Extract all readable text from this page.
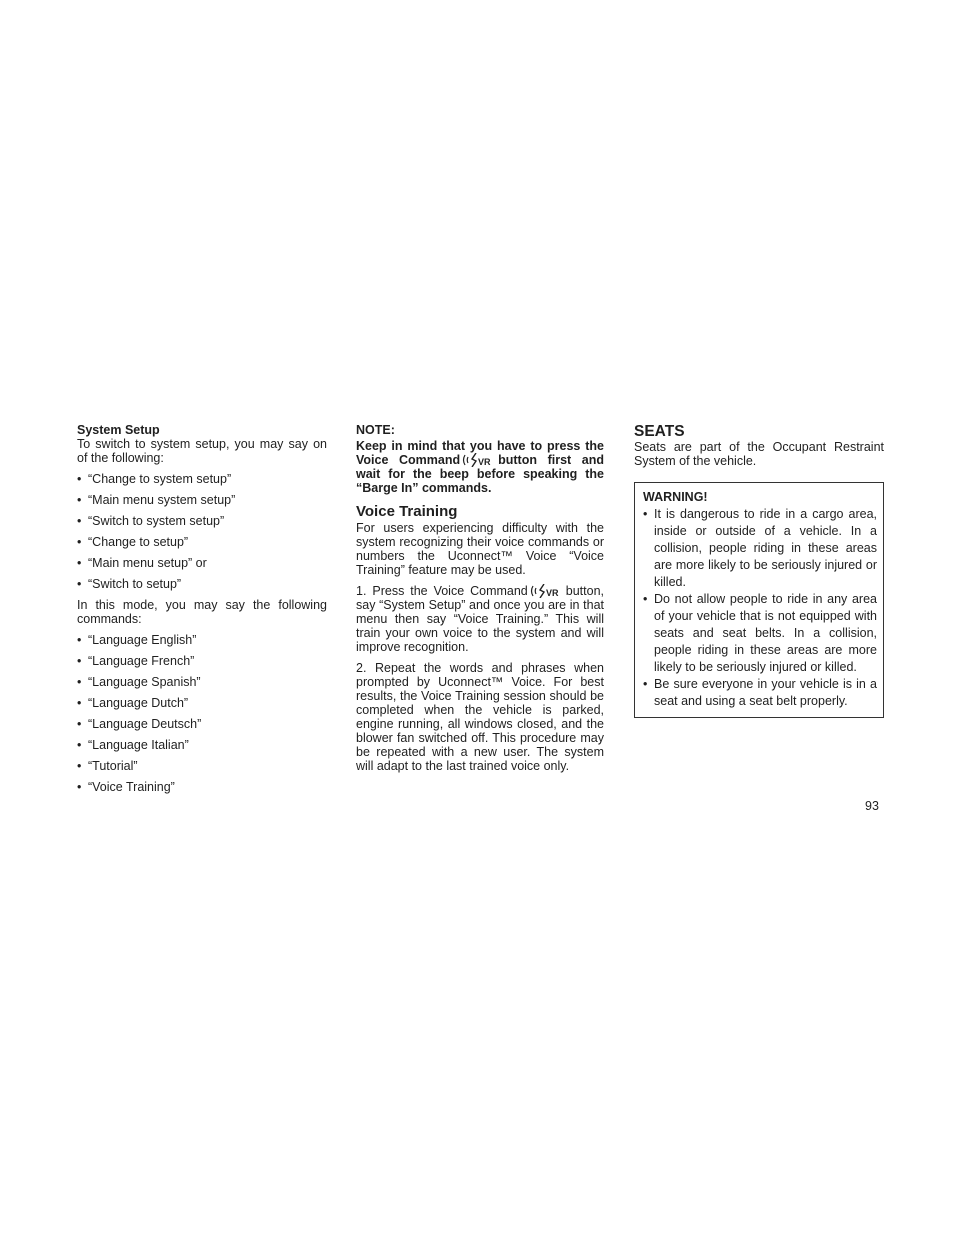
System Setup

To switch to system setup, you may say on of the following:

• “Change to system setup”
• “Main menu system setup”
• “Switch to system setup”
• “Change to setup”
• “Main menu setup” or
• “Switch to setup”

In this mode, you may say the following commands:

• “Language English”
• “Language French”
• “Language Spanish”
• “Language Dutch”
• “Language Deutsch”
• “Language Italian”
• “Tutorial”
• “Voice Training”

NOTE:

Keep in mind that you have to press the Voice Command VR button first and wait for the beep before speaking the “Barge In” commands.

Voice Training

For users experiencing difficulty with the system recognizing their voice commands or numbers the Uconnect™ Voice “Voice Training” feature may be used.

1. Press the Voice Command VR button, say “System Setup” and once you are in that menu then say “Voice Training.” This will train your own voice to the system and will improve recognition.

2. Repeat the words and phrases when prompted by Uconnect™ Voice. For best results, the Voice Training session should be completed when the vehicle is parked, engine running, all windows closed, and the blower fan switched off. This procedure may be repeated with a new user. The system will adapt to the last trained voice only.

SEATS

Seats are part of the Occupant Restraint System of the vehicle.

WARNING!

• It is dangerous to ride in a cargo area, inside or outside of a vehicle. In a collision, people riding in these areas are more likely to be seriously injured or killed.
• Do not allow people to ride in any area of your vehicle that is not equipped with seats and seat belts. In a collision, people riding in these areas are more likely to be seriously injured or killed.
• Be sure everyone in your vehicle is in a seat and using a seat belt properly.
93
